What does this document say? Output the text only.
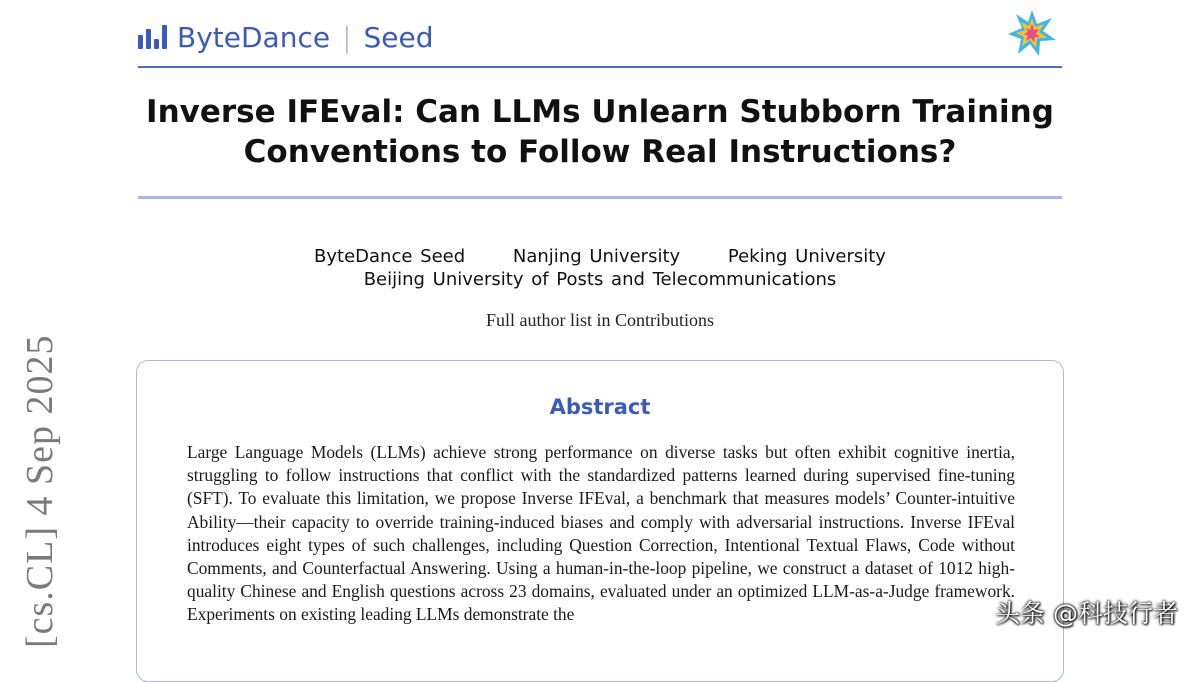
ByteDance | Seed
Inverse IFEval: Can LLMs Unlearn Stubborn Training
Conventions to Follow Real Instructions?
ByteDance Seed	Nanjing University	Peking University
Beijing University of Posts and Telecommunications
Full author list in Contributions
Abstract
Large Language Models (LLMs) achieve strong performance on diverse tasks but often exhibit cognitive inertia, struggling to follow instructions that conflict with the standardized patterns learned during supervised fine-tuning (SFT). To evaluate this limitation, we propose Inverse IFEval, a benchmark that measures models’ Counter-intuitive Ability—their capacity to override training-induced biases and comply with adversarial instructions. Inverse IFEval introduces eight types of such challenges, including Question Correction, Intentional Textual Flaws, Code without Comments, and Counterfactual Answering. Using a human-in-the-loop pipeline, we construct a dataset of 1012 high-quality Chinese and English questions across 23 domains, evaluated under an optimized LLM-as-a-Judge framework. Experiments on existing leading LLMs demonstrate the
[cs.CL] 4 Sep 2025	头条 @科技行者
